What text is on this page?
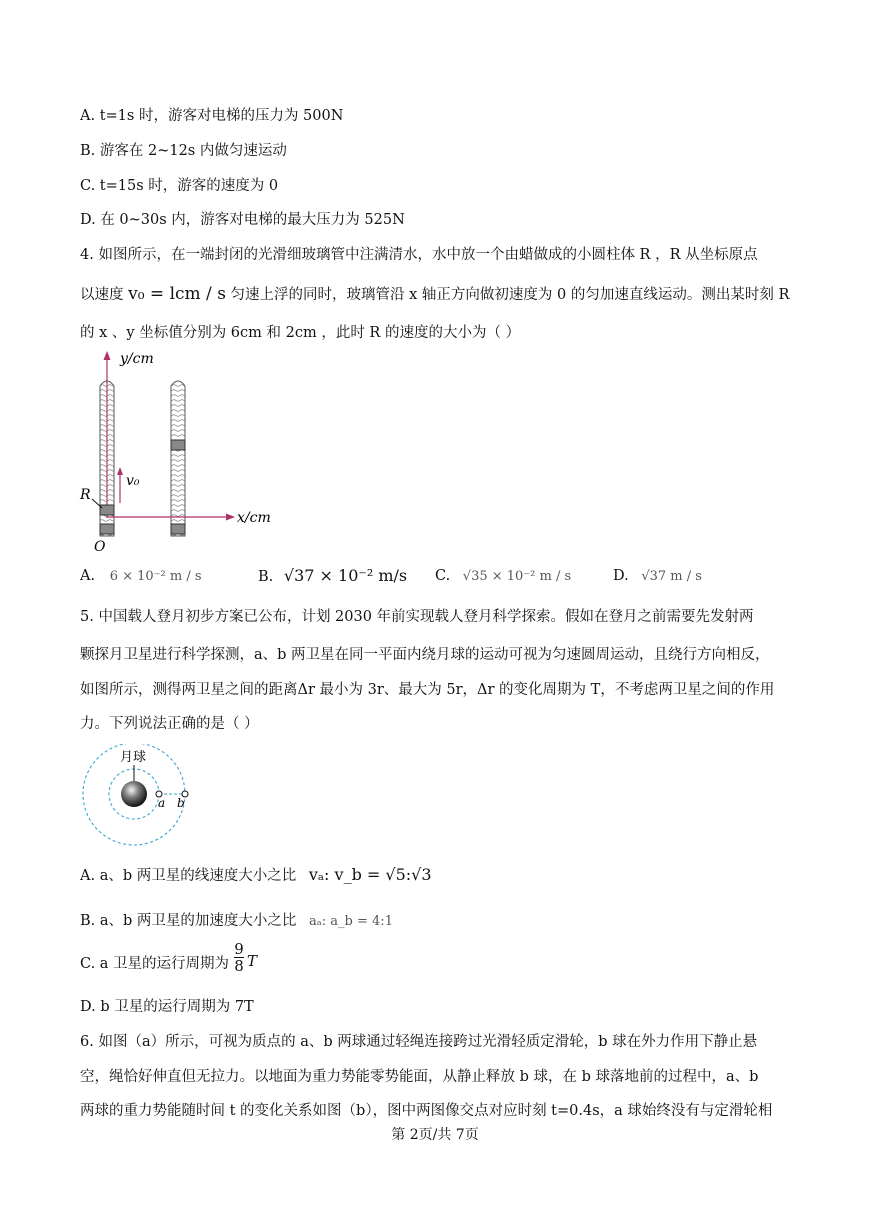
A. t=1s 时，游客对电梯的压力为 500N
B. 游客在 2~12s 内做匀速运动
C. t=15s 时，游客的速度为 0
D. 在 0~30s 内，游客对电梯的最大压力为 525N
4. 如图所示，在一端封闭的光滑细玻璃管中注满清水，水中放一个由蜡做成的小圆柱体 R ，R 从坐标原点
以速度 v₀ = lcm / s 匀速上浮的同时，玻璃管沿 x 轴正方向做初速度为 0 的匀加速直线运动。测出某时刻 R
的 x 、y 坐标值分别为 6cm 和 2cm ，此时 R 的速度的大小为（ ）
y/cm
v₀
x/cm
R
O
A. 6 × 10⁻² m / s	B. √37 × 10⁻² m/s C. √35 × 10⁻² m / s	D. √37 m / s
5. 中国载人登月初步方案已公布，计划 2030 年前实现载人登月科学探索。假如在登月之前需要先发射两
颗探月卫星进行科学探测，a、b 两卫星在同一平面内绕月球的运动可视为匀速圆周运动，且绕行方向相反，
如图所示，测得两卫星之间的距离Δr 最小为 3r、最大为 5r，Δr 的变化周期为 T，不考虑两卫星之间的作用
力。下列说法正确的是（ ）
月球
a b
A. a、b 两卫星的线速度大小之比 vₐ: v_b = √5:√3
B. a、b 两卫星的加速度大小之比 aₐ: a_b = 4:1
C. a 卫星的运行周期为
9
8 T
D. b 卫星的运行周期为 7T
6. 如图（a）所示，可视为质点的 a、b 两球通过轻绳连接跨过光滑轻质定滑轮，b 球在外力作用下静止悬
空，绳恰好伸直但无拉力。以地面为重力势能零势能面，从静止释放 b 球，在 b 球落地前的过程中，a、b
两球的重力势能随时间 t 的变化关系如图（b），图中两图像交点对应时刻 t=0.4s，a 球始终没有与定滑轮相
第 2页/共 7页
